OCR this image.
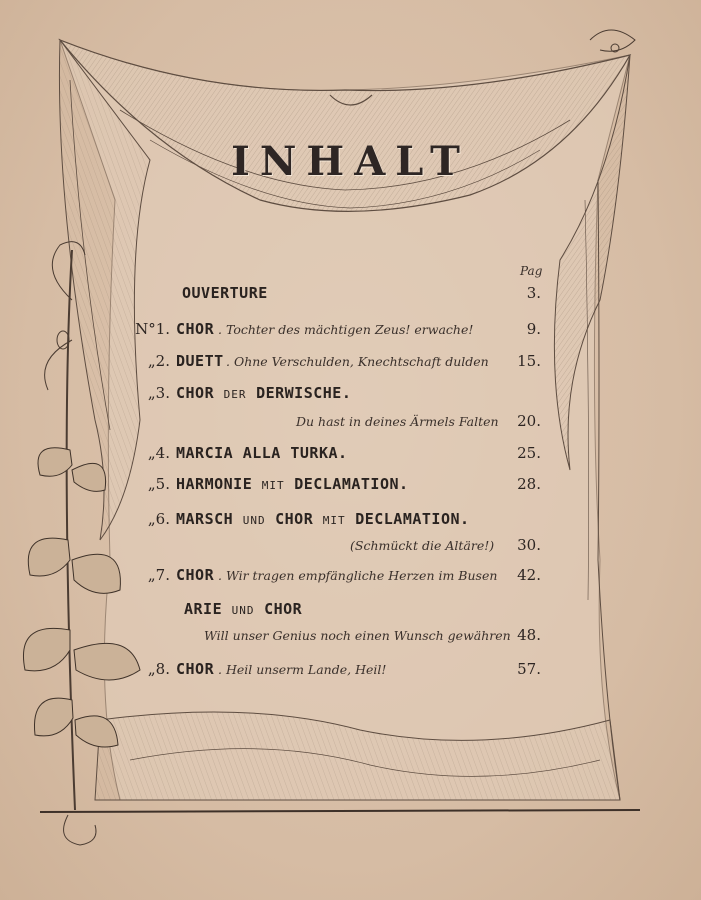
INHALT
Pag
OUVERTURE	3.
N°1. CHOR . Tochter des mächtigen Zeus! erwache!	9.
„2. DUETT . Ohne Verschulden, Knechtschaft dulden	15.
„3. CHOR DER DERWISCHE.
Du hast in deines Ärmels Falten	20.
„4. MARCIA ALLA TURKA.	25.
„5. HARMONIE MIT DECLAMATION.	28.
„6. MARSCH UND CHOR MIT DECLAMATION.
(Schmückt die Altäre!)	30.
„7. CHOR . Wir tragen empfängliche Herzen im Busen	42.
ARIE UND CHOR
Will unser Genius noch einen Wunsch gewähren 48.
„8. CHOR . Heil unserm Lande, Heil!	57.
